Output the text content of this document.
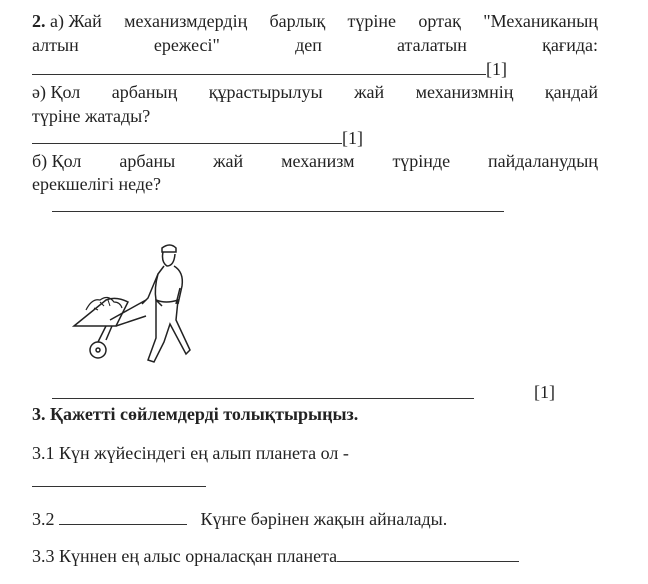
2. а) Жай механизмдердің барлық түріне ортақ "Механиканың
алтын	ережесі"	деп	аталатын	қағида:
[1]
ә) Қол арбаның құрастырылуы жай механизмнің қандай
түріне жатады?
[1]
б) Қол арбаны жай механизм түрінде пайдаланудың
ерекшелігі неде?
[1]
3. Қажетті сөйлемдерді толықтырыңыз.
3.1 Күн жүйесіндегі ең алып планета ол -
3.2	Күнге бәрінен жақын айналады.
3.3 Күннен ең алыс орналасқан планета
